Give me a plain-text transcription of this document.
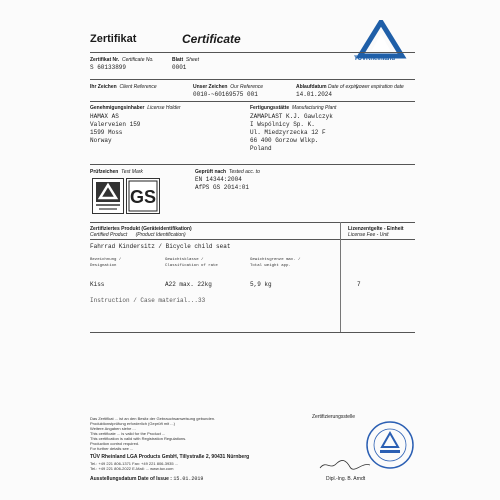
Zertifikat	Certificate
TÜVRheinland
Zertifikat Nr. Certificate No.
S 60133899
Blatt Sheet
0001
Ihr Zeichen Client Reference	Unser Zeichen Our Reference
0010-~60169575 001
Ablaufdatum Date of expiry
14.01.2024
Lower expiration date
Genehmigungsinhaber License Holder
HAMAX AS
Valerveien 159
1599 Moss
Norway
Fertigungsstätte Manufacturing Plant
ZAMAPLAST K.J. Gawlczyk
I Wspólnicy Sp. K.
Ul. Miedzyrzecka 12 F
66 400 Gorzow Wlkp.
Poland
Prüfzeichen Test Mark
GS
Geprüft nach Tested acc. to
EN 14344:2004
AfPS GS 2014:01
Zertifiziertes Produkt (Geräteidentifikation)
Certified Product (Product Identification)
Lizenzentgelte - Einheit
License Fee - Unit
Fahrrad Kindersitz / Bicycle child seat
Bezeichnung /
Designation
Gewichtsklasse /
Classification of rate
Gewichtsgrenze max. /
Total weight app.
Kiss	A22 max. 22kg	5,9 kg	7
Instruction / Case material...33
Das Zertifikat ... ist an den Besitz der Gebrauchsanweisung gebunden.
Produktionstprüfung erforderlich (Geprüft mit ...)
Weitere Angaben siehe ...
This certificate ... is valid for the Product ...
This certification is valid with Registration Regulations.
Production control required.
For further details see ...
TÜV Rheinland LGA Products GmbH, Tillystraße 2, 90431 Nürnberg
Tel.: +49 221 806-1371 Fax: +49 221 806-3935 ...
Tel.: +49 221 806-2022 E-Mail: ... www.tuv.com
Ausstellungsdatum Date of Issue : 15.01.2019
Zertifizierungsstelle
Dipl.-Ing. B. Arndt
